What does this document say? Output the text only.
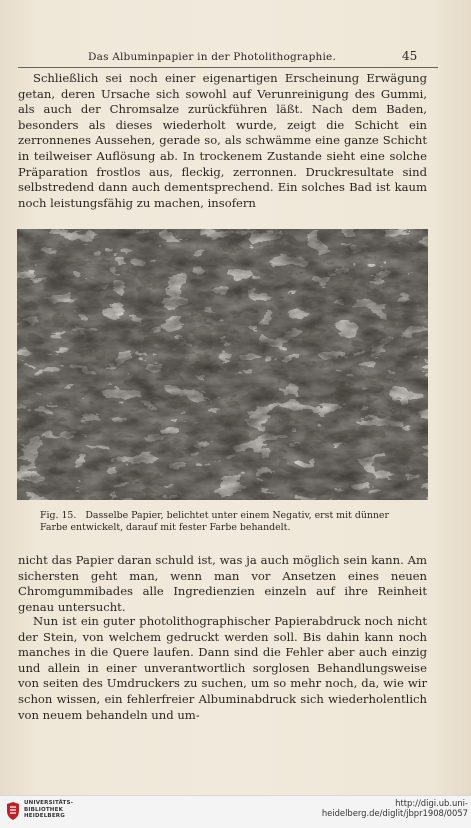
Das Albuminpapier in der Photolithographie.	45

Schließlich sei noch einer eigenartigen Erscheinung Erwägung getan, deren Ursache sich sowohl auf Verunreinigung des Gummi, als auch der Chromsalze zurückführen läßt. Nach dem Baden, besonders als dieses wiederholt wurde, zeigt die Schicht ein zerronnenes Aussehen, gerade so, als schwämme eine ganze Schicht in teilweiser Auflösung ab. In trockenem Zustande sieht eine solche Präparation frostlos aus, fleckig, zerronnen. Druckresultate sind selbstredend dann auch dementsprechend. Ein solches Bad ist kaum noch leistungsfähig zu machen, insofern

Fig. 15. Dasselbe Papier, belichtet unter einem Negativ, erst mit dünner Farbe entwickelt, darauf mit fester Farbe behandelt.

nicht das Papier daran schuld ist, was ja auch möglich sein kann. Am sichersten geht man, wenn man vor Ansetzen eines neuen Chromgummibades alle Ingredienzien einzeln auf ihre Reinheit genau untersucht.

Nun ist ein guter photolithographischer Papierabdruck noch nicht der Stein, von welchem gedruckt werden soll. Bis dahin kann noch manches in die Quere laufen. Dann sind die Fehler aber auch einzig und allein in einer unverantwortlich sorglosen Behandlungsweise von seiten des Umdruckers zu suchen, um so mehr noch, da, wie wir schon wissen, ein fehlerfreier Albuminabdruck sich wiederholentlich von neuem behandeln und um-

UNIVERSITÄTS-
BIBLIOTHEK
HEIDELBERG
http://digi.ub.uni-heidelberg.de/diglit/jbpr1908/0057
